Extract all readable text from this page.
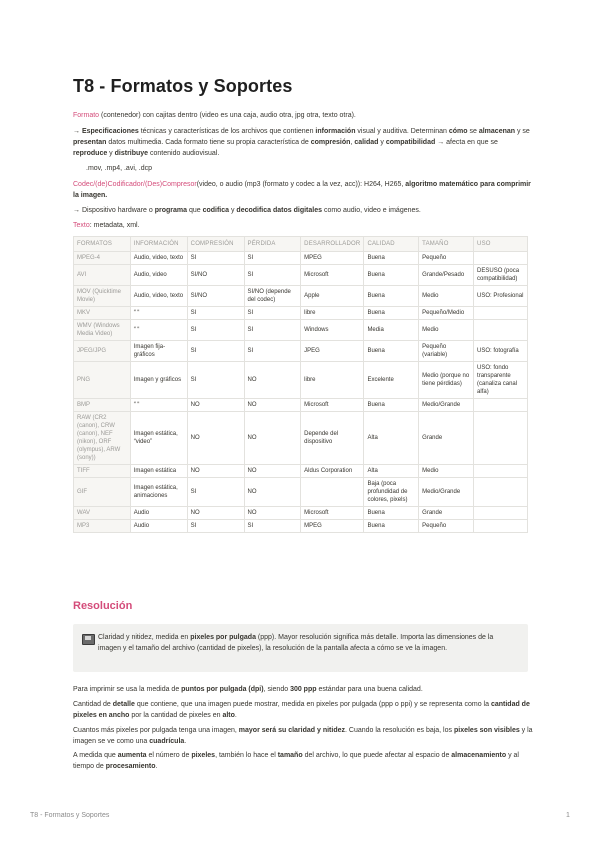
T8 - Formatos y Soportes
Formato (contenedor) con cajitas dentro (video es una caja, audio otra, jpg otra, texto otra).
→ Especificaciones técnicas y características de los archivos que contienen información visual y auditiva. Determinan cómo se almacenan y se presentan datos multimedia. Cada formato tiene su propia característica de compresión, calidad y compatibilidad → afecta en que se reproduce y distribuye contenido audiovisual.
.mov, .mp4, .avi, .dcp
Codec/(de)Codificador/(Des)Compresor(video, o audio (mp3 (formato y codec a la vez, acc)): H264, H265, algoritmo matemático para comprimir la imagen.
→ Dispositivo hardware o programa que codifica y decodifica datos digitales como audio, video e imágenes.
Texto: metadata, xml.
FORMATOS	INFORMACIÓN	COMPRESIÓN	PÉRDIDA	DESARROLLADOR	CALIDAD	TAMAÑO	USO
MPEG-4	Audio, video, texto	SI	SI	MPEG	Buena	Pequeño	
AVI	Audio, video	SI/NO	SI	Microsoft	Buena	Grande/Pesado	DESUSO (poca compatibilidad)
MOV (Quicktime Movie)	Audio, video, texto	SI/NO	SI/NO (depende del codec)	Apple	Buena	Medio	USO: Profesional
MKV	“ “	SI	SI	libre	Buena	Pequeño/Medio	
WMV (Windows Media Video)	“ “	SI	SI	Windows	Media	Medio	
JPEG/JPG	Imagen fija-gráficos	SI	SI	JPEG	Buena	Pequeño (variable)	USO: fotografía
PNG	Imagen y gráficos	SI	NO	libre	Excelente	Medio (porque no tiene pérdidas)	USO: fondo transparente (canaliza canal alfa)
BMP	“ “	NO	NO	Microsoft	Buena	Medio/Grande	
RAW (CR2 (canon), CRW (canon), NEF (nikon), ORF (olympus), ARW (sony))	Imagen estática, “video”	NO	NO	Depende del dispositivo	Alta	Grande	
TIFF	Imagen estática	NO	NO	Aldus Corporation	Alta	Medio	
GIF	Imagen estática, animaciones	SI	NO		Baja (poca profundidad de colores, pixels)	Medio/Grande	
WAV	Audio	NO	NO	Microsoft	Buena	Grande	
MP3	Audio	SI	SI	MPEG	Buena	Pequeño	
Resolución
Claridad y nitidez, medida en pixeles por pulgada (ppp). Mayor resolución significa más detalle. Importa las dimensiones de la imagen y el tamaño del archivo (cantidad de pixeles), la resolución de la pantalla afecta a cómo se ve la imagen.
Para imprimir se usa la medida de puntos por pulgada (dpi), siendo 300 ppp estándar para una buena calidad.
Cantidad de detalle que contiene, que una imagen puede mostrar, medida en pixeles por pulgada (ppp o ppi) y se representa como la cantidad de pixeles en ancho por la cantidad de pixeles en alto.
Cuantos más pixeles por pulgada tenga una imagen, mayor será su claridad y nitidez. Cuando la resolución es baja, los pixeles son visibles y la imagen se ve como una cuadrícula.
A medida que aumenta el número de pixeles, también lo hace el tamaño del archivo, lo que puede afectar al espacio de almacenamiento y al tiempo de procesamiento.
T8 - Formatos y Soportes	1
